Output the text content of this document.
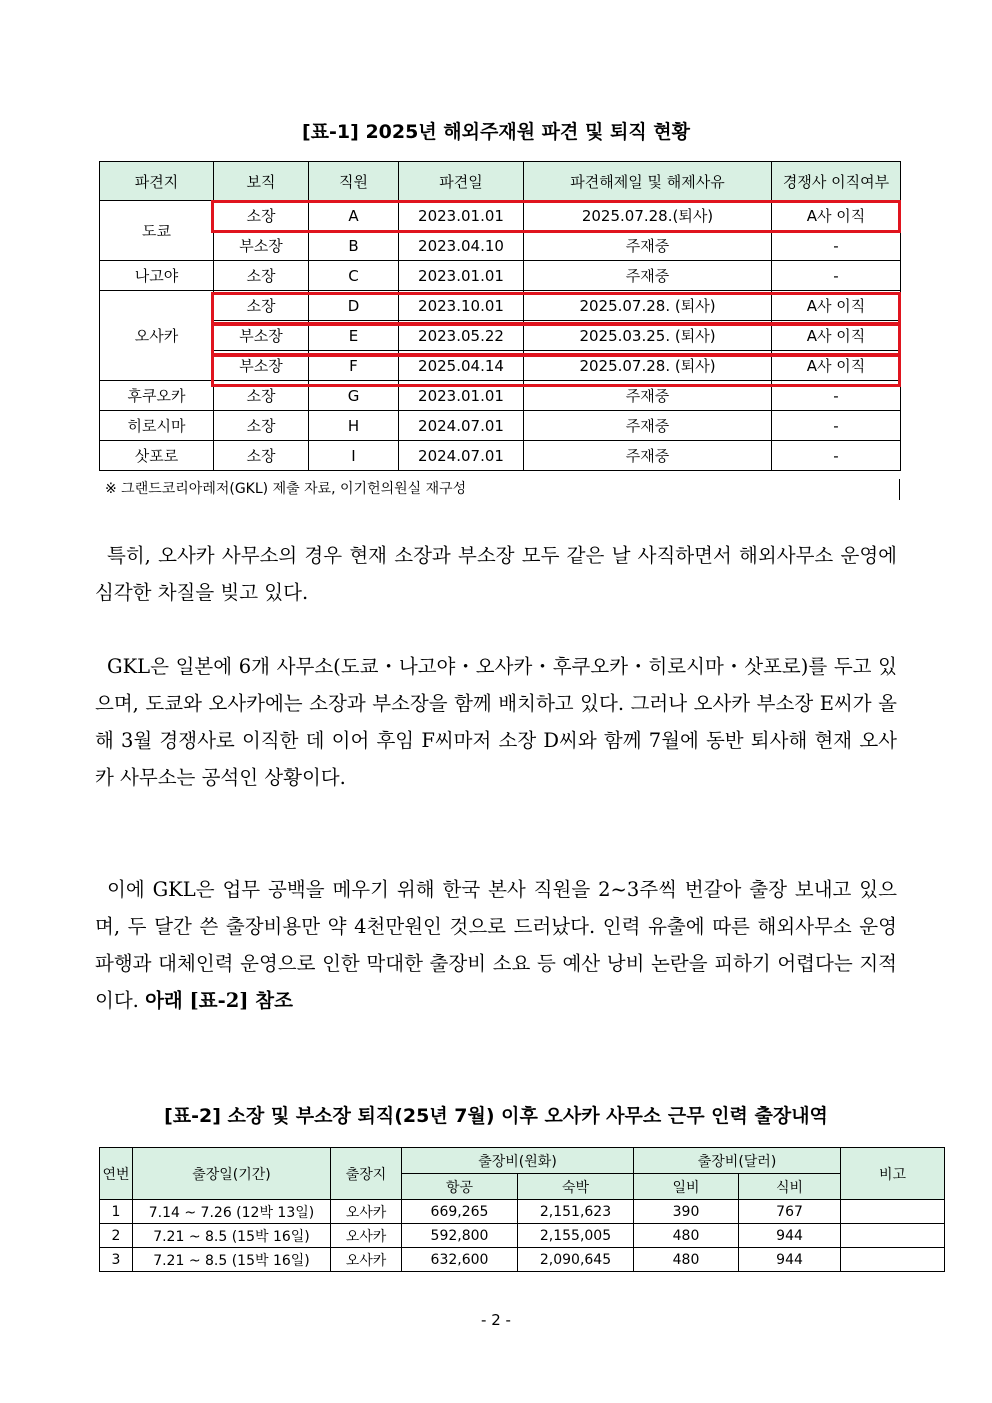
[표-1] 2025년 해외주재원 파견 및 퇴직 현황
파견지	보직	직원	파견일	파견해제일 및 해제사유	경쟁사 이직여부
도쿄	소장	A	2023.01.01	2025.07.28.(퇴사)	A사 이직
	부소장	B	2023.04.10	주재중	-
나고야	소장	C	2023.01.01	주재중	-
오사카	소장	D	2023.10.01	2025.07.28. (퇴사)	A사 이직
	부소장	E	2023.05.22	2025.03.25. (퇴사)	A사 이직
	부소장	F	2025.04.14	2025.07.28. (퇴사)	A사 이직
후쿠오카	소장	G	2023.01.01	주재중	-
히로시마	소장	H	2024.07.01	주재중	-
삿포로	소장	I	2024.07.01	주재중	-
※ 그랜드코리아레저(GKL) 제출 자료, 이기헌의원실 재구성
특히, 오사카 사무소의 경우 현재 소장과 부소장 모두 같은 날 사직하면서 해외사무소 운영에 심각한 차질을 빚고 있다.
GKL은 일본에 6개 사무소(도쿄・나고야・오사카・후쿠오카・히로시마・삿포로)를 두고 있으며, 도쿄와 오사카에는 소장과 부소장을 함께 배치하고 있다. 그러나 오사카 부소장 E씨가 올해 3월 경쟁사로 이직한 데 이어 후임 F씨마저 소장 D씨와 함께 7월에 동반 퇴사해 현재 오사카 사무소는 공석인 상황이다.
이에 GKL은 업무 공백을 메우기 위해 한국 본사 직원을 2~3주씩 번갈아 출장 보내고 있으며, 두 달간 쓴 출장비용만 약 4천만원인 것으로 드러났다. 인력 유출에 따른 해외사무소 운영 파행과 대체인력 운영으로 인한 막대한 출장비 소요 등 예산 낭비 논란을 피하기 어렵다는 지적이다. 아래 [표-2] 참조
[표-2] 소장 및 부소장 퇴직(25년 7월) 이후 오사카 사무소 근무 인력 출장내역
연번	출장일(기간)	출장지	출장비(원화)		출장비(달러)		비고
			항공	숙박	일비	식비	
1	7.14 ~ 7.26 (12박 13일)	오사카	669,265	2,151,623	390	767	
2	7.21 ~ 8.5 (15박 16일)	오사카	592,800	2,155,005	480	944	
3	7.21 ~ 8.5 (15박 16일)	오사카	632,600	2,090,645	480	944	
- 2 -
